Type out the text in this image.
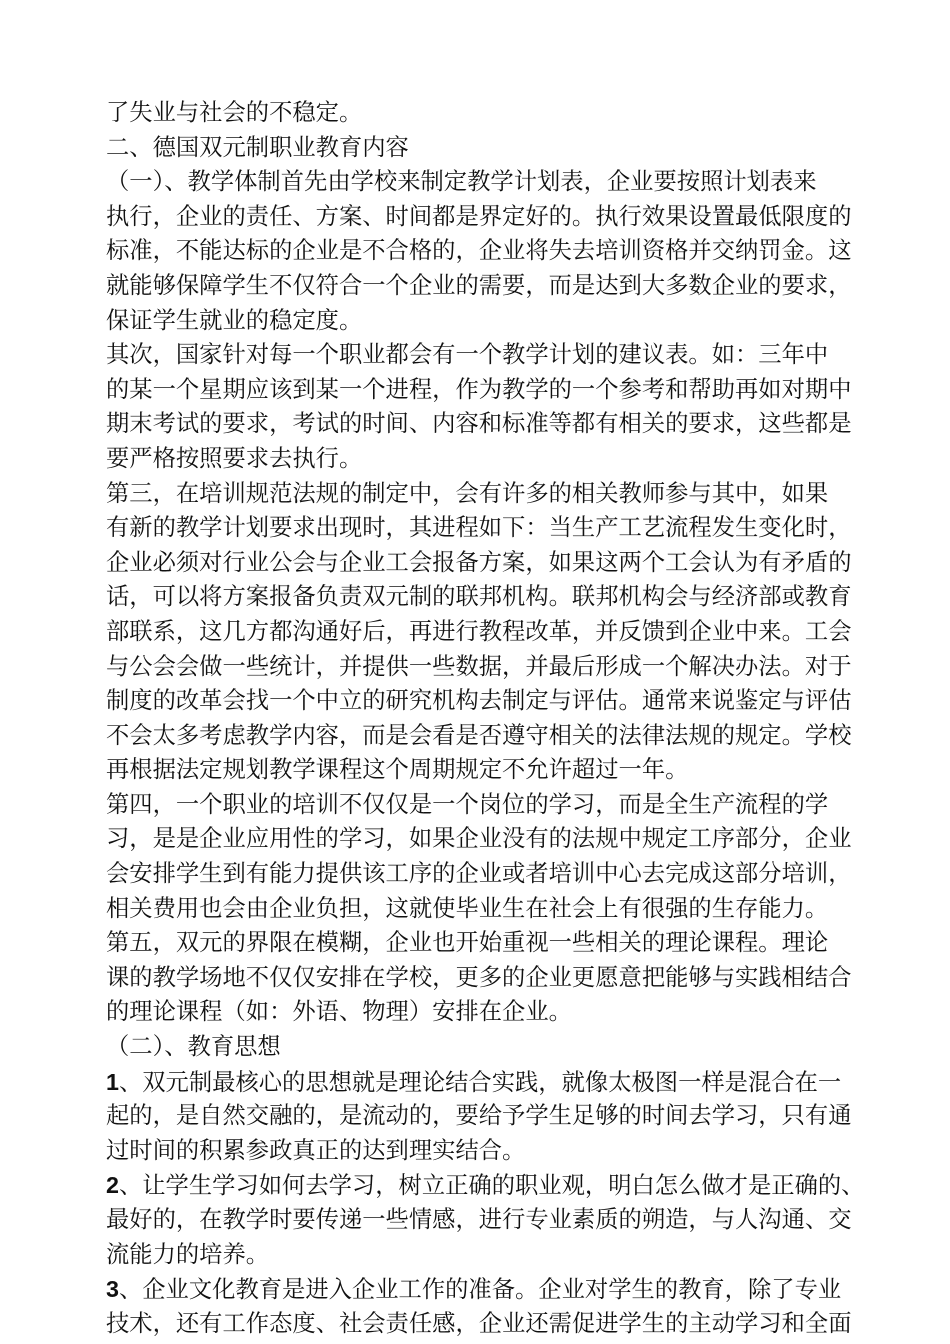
了失业与社会的不稳定。
二、德国双元制职业教育内容
（一）、教学体制首先由学校来制定教学计划表，企业要按照计划表来
执行，企业的责任、方案、时间都是界定好的。执行效果设置最低限度的
标准，不能达标的企业是不合格的，企业将失去培训资格并交纳罚金。这
就能够保障学生不仅符合一个企业的需要，而是达到大多数企业的要求，
保证学生就业的稳定度。
其次，国家针对每一个职业都会有一个教学计划的建议表。如：三年中
的某一个星期应该到某一个进程，作为教学的一个参考和帮助再如对期中
期末考试的要求，考试的时间、内容和标准等都有相关的要求，这些都是
要严格按照要求去执行。
第三，在培训规范法规的制定中，会有许多的相关教师参与其中，如果
有新的教学计划要求出现时，其进程如下：当生产工艺流程发生变化时，
企业必须对行业公会与企业工会报备方案，如果这两个工会认为有矛盾的
话，可以将方案报备负责双元制的联邦机构。联邦机构会与经济部或教育
部联系，这几方都沟通好后，再进行教程改革，并反馈到企业中来。工会
与公会会做一些统计，并提供一些数据，并最后形成一个解决办法。对于
制度的改革会找一个中立的研究机构去制定与评估。通常来说鉴定与评估
不会太多考虑教学内容，而是会看是否遵守相关的法律法规的规定。学校
再根据法定规划教学课程这个周期规定不允许超过一年。
第四，一个职业的培训不仅仅是一个岗位的学习，而是全生产流程的学
习，是是企业应用性的学习，如果企业没有的法规中规定工序部分，企业
会安排学生到有能力提供该工序的企业或者培训中心去完成这部分培训，
相关费用也会由企业负担，这就使毕业生在社会上有很强的生存能力。
第五，双元的界限在模糊，企业也开始重视一些相关的理论课程。理论
课的教学场地不仅仅安排在学校，更多的企业更愿意把能够与实践相结合
的理论课程（如：外语、物理）安排在企业。
（二）、教育思想
1、双元制最核心的思想就是理论结合实践，就像太极图一样是混合在一
起的，是自然交融的，是流动的，要给予学生足够的时间去学习，只有通
过时间的积累参政真正的达到理实结合。
2、让学生学习如何去学习，树立正确的职业观，明白怎么做才是正确的、
最好的，在教学时要传递一些情感，进行专业素质的朔造，与人沟通、交
流能力的培养。
3、企业文化教育是进入企业工作的准备。企业对学生的教育，除了专业
技术，还有工作态度、社会责任感，企业还需促进学生的主动学习和全面
